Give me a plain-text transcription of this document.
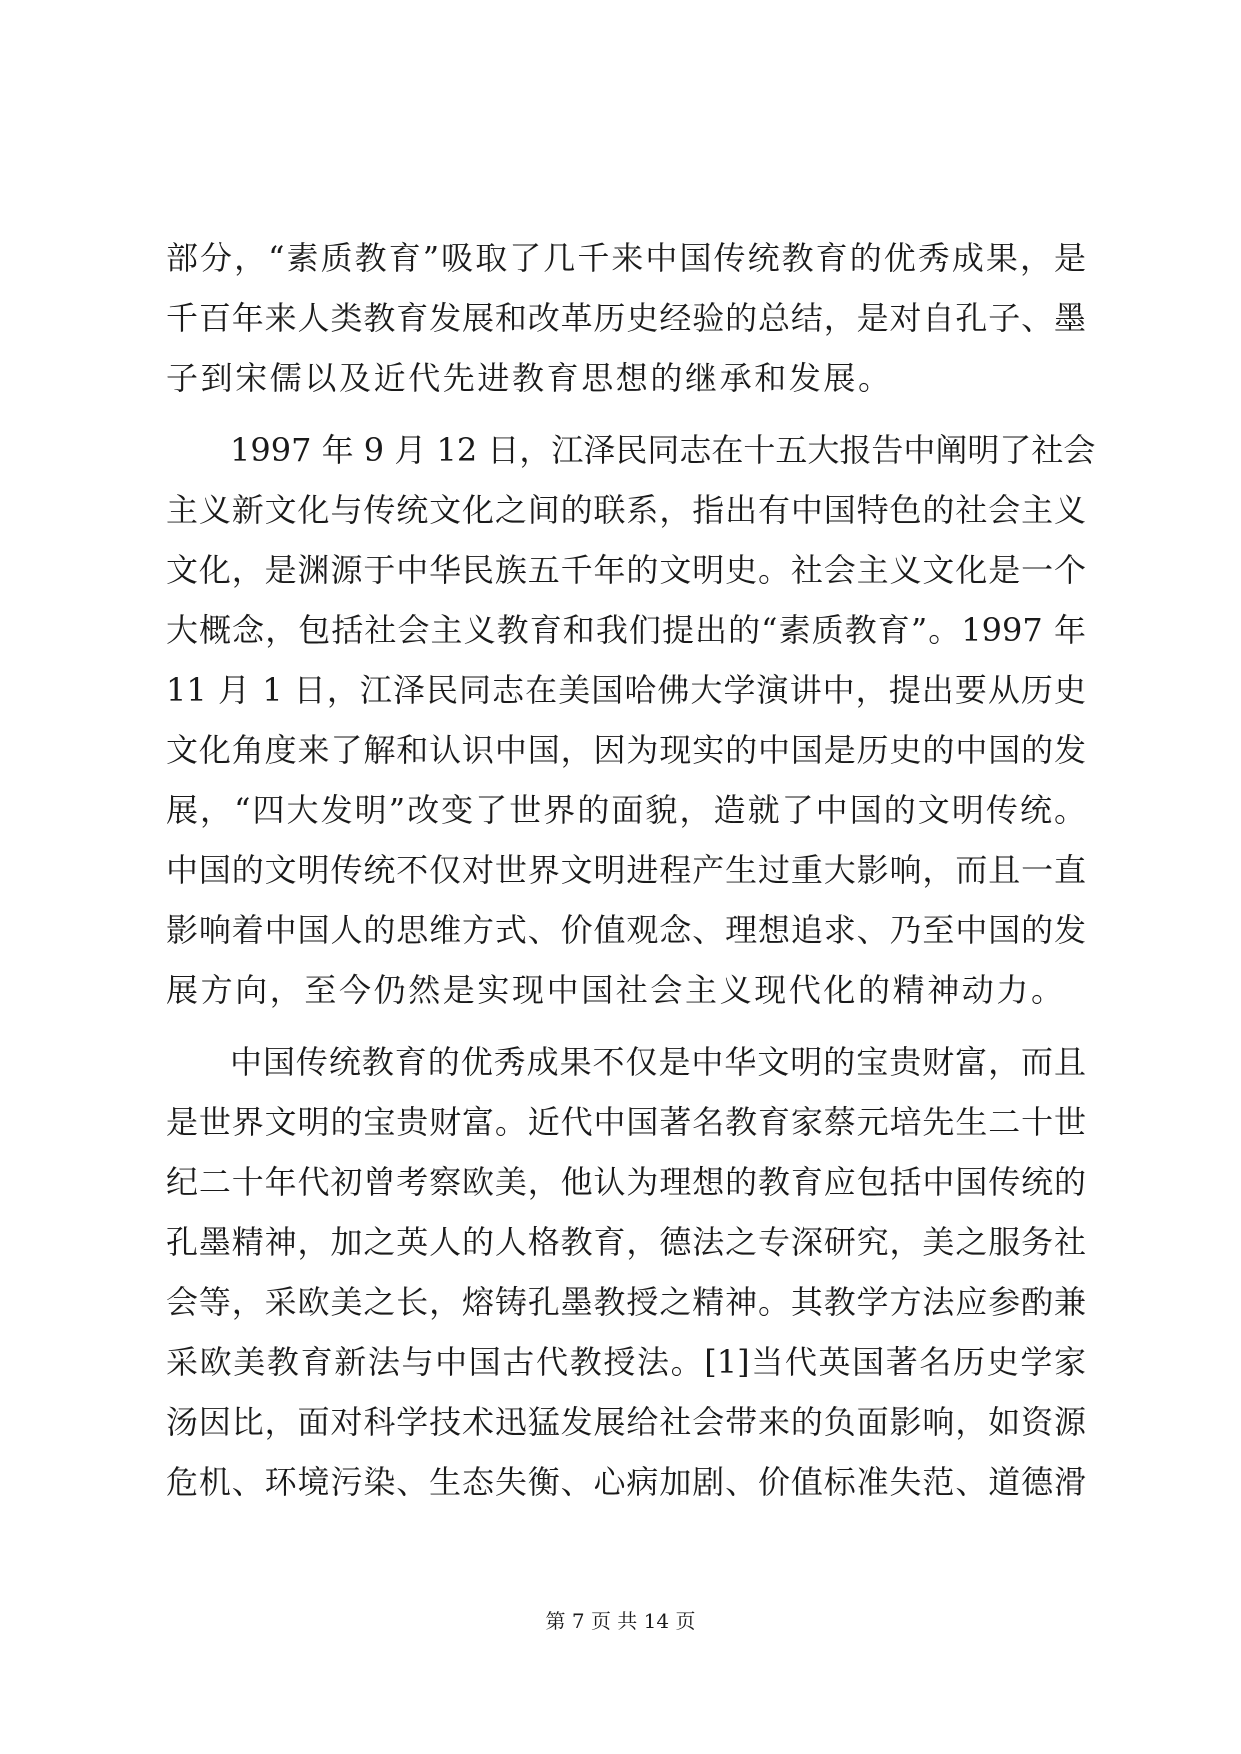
部分，“素质教育”吸取了几千来中国传统教育的优秀成果，是
千百年来人类教育发展和改革历史经验的总结，是对自孔子、墨
子到宋儒以及近代先进教育思想的继承和发展。
1997 年 9 月 12 日，江泽民同志在十五大报告中阐明了社会
主义新文化与传统文化之间的联系，指出有中国特色的社会主义
文化，是渊源于中华民族五千年的文明史。社会主义文化是一个
大概念，包括社会主义教育和我们提出的“素质教育”。1997 年
11 月 1 日，江泽民同志在美国哈佛大学演讲中，提出要从历史
文化角度来了解和认识中国，因为现实的中国是历史的中国的发
展，“四大发明”改变了世界的面貌，造就了中国的文明传统。
中国的文明传统不仅对世界文明进程产生过重大影响，而且一直
影响着中国人的思维方式、价值观念、理想追求、乃至中国的发
展方向，至今仍然是实现中国社会主义现代化的精神动力。
中国传统教育的优秀成果不仅是中华文明的宝贵财富，而且
是世界文明的宝贵财富。近代中国著名教育家蔡元培先生二十世
纪二十年代初曾考察欧美，他认为理想的教育应包括中国传统的
孔墨精神，加之英人的人格教育，德法之专深研究，美之服务社
会等，采欧美之长，熔铸孔墨教授之精神。其教学方法应参酌兼
采欧美教育新法与中国古代教授法。[1]当代英国著名历史学家
汤因比，面对科学技术迅猛发展给社会带来的负面影响，如资源
危机、环境污染、生态失衡、心病加剧、价值标准失范、道德滑
第 7 页 共 14 页
